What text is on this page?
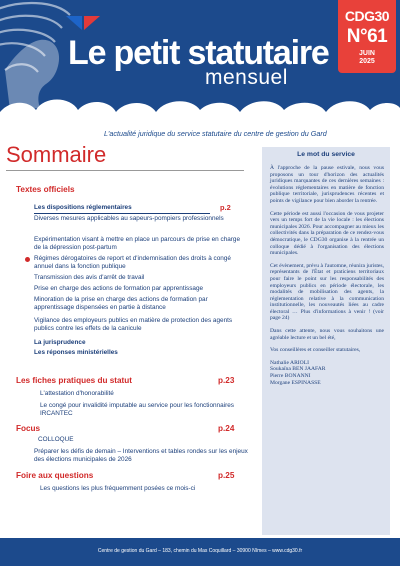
Le petit statutaire
mensuel
CDG30
N°61
JUIN
2025
L'actualité juridique du service statutaire du centre de gestion du Gard
Sommaire
Textes officiels
Les dispositions réglementaires	p.2
Diverses mesures applicables au sapeurs-pompiers professionnels
Expérimentation visant à mettre en place un parcours de prise en charge de la dépression post-partum
Régimes dérogatoires de report et d'indemnisation des droits à congé annuel dans la fonction publique
Transmission des avis d'arrêt de travail
Prise en charge des actions de formation par apprentissage
Minoration de la prise en charge des actions de formation par apprentissage dispensées en partie à distance
Vigilance des employeurs publics en matière de protection des agents publics contre les effets de la canicule
La jurisprudence
Les réponses ministérielles
Les fiches pratiques du statut	p.23
L'attestation d'honorabilité
Le congé pour invalidité imputable au service pour les fonctionnaires IRCANTEC
Focus	p.24
COLLOQUE
Préparer les défis de demain – Interventions et tables rondes sur les enjeux des élections municipales de 2026
Foire aux questions	p.25
Les questions les plus fréquemment posées ce mois-ci
Le mot du service

À l'approche de la pause estivale, nous vous proposons un tour d'horizon des actualités juridiques marquantes de ces dernières semaines : évolutions réglementaires en matière de fonction publique territoriale, jurisprudences récentes et points de vigilance pour bien aborder la rentrée.

Cette période est aussi l'occasion de vous projeter vers un temps fort de la vie locale : les élections municipales 2026. Pour accompagner au mieux les collectivités dans la préparation de ce rendez-vous démocratique, le CDG30 organise à la rentrée un colloque dédié à l'organisation des élections municipales.

Cet évènement, prévu à l'automne, réunira juristes, représentants de l'État et praticiens territoriaux pour faire le point sur les responsabilités des employeurs publics en période électorale, les modalités de mobilisation des agents, la réglementation relative à la communication institutionnelle, les nouveautés liées au cadre électoral … Plus d'informations à venir ! (voir page 24)

Dans cette attente, nous vous souhaitons une agréable lecture et un bel été,

Vos conseillères et conseiller statutaires,

Nathalie ARIOLI
Soukaïna BEN JAAFAR
Pierre BONANNI
Morgane ESPINASSE
Centre de gestion du Gard – 183, chemin du Mas Coquillard – 30900 Nîmes – www.cdg30.fr
